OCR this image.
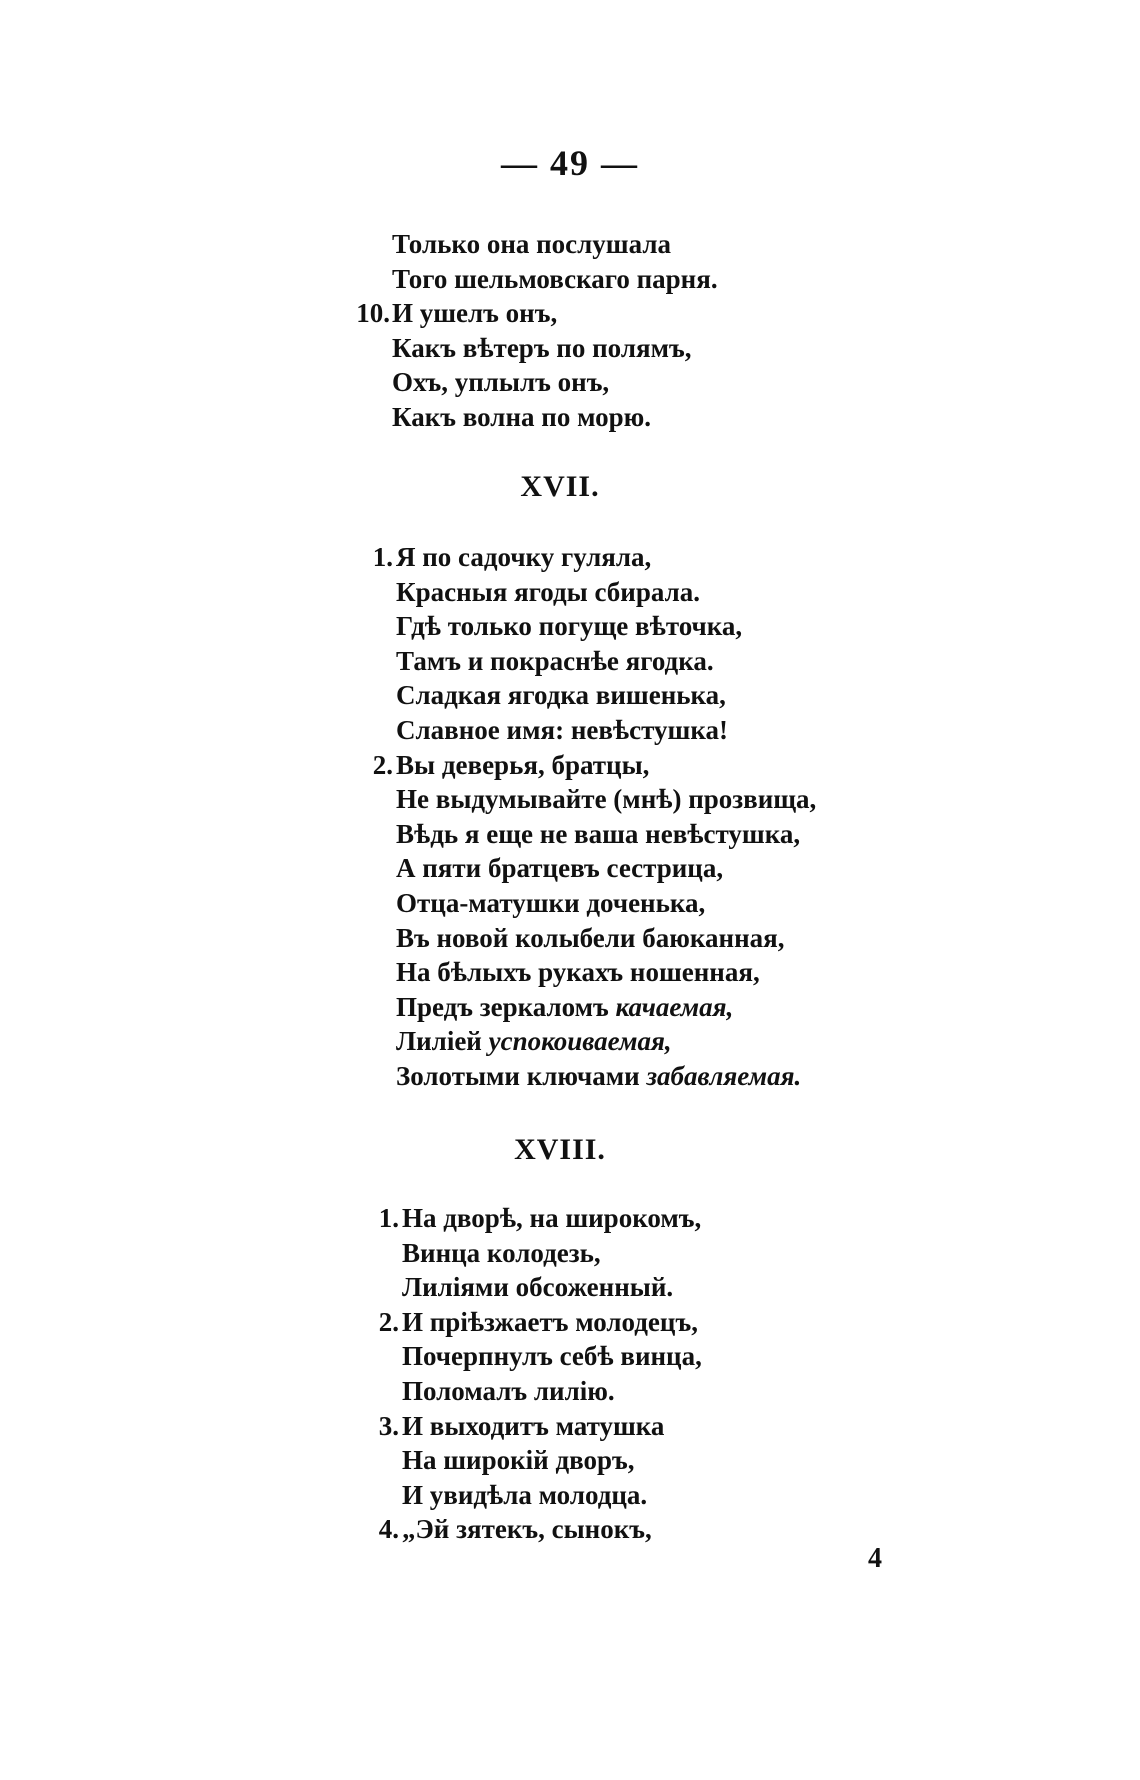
— 49 —
Только она послушала
Того шельмовскаго парня.
10. И ушелъ онъ,
Какъ вѣтеръ по полямъ,
Охъ, уплылъ онъ,
Какъ волна по морю.
XVII.
1. Я по садочку гуляла,
Красныя ягоды сбирала.
Гдѣ только погуще вѣточка,
Тамъ и покраснѣе ягодка.
Сладкая ягодка вишенька,
Славное имя: невѣстушка!
2. Вы деверья, братцы,
Не выдумывайте (мнѣ) прозвища,
Вѣдь я еще не ваша невѣстушка,
А пяти братцевъ сестрица,
Отца-матушки доченька,
Въ новой колыбели баюканная,
На бѣлыхъ рукахъ ношенная,
Предъ зеркаломъ качаемая,
Лиліей успокоиваемая,
Золотыми ключами забавляемая.
XVIII.
1. На дворѣ, на широкомъ,
Винца колодезь,
Лиліями обсоженный.
2. И пріѣзжаетъ молодецъ,
Почерпнулъ себѣ винца,
Поломалъ лилію.
3. И выходитъ матушка
На широкій дворъ,
И увидѣла молодца.
4. „Эй зятекъ, сынокъ,
4
